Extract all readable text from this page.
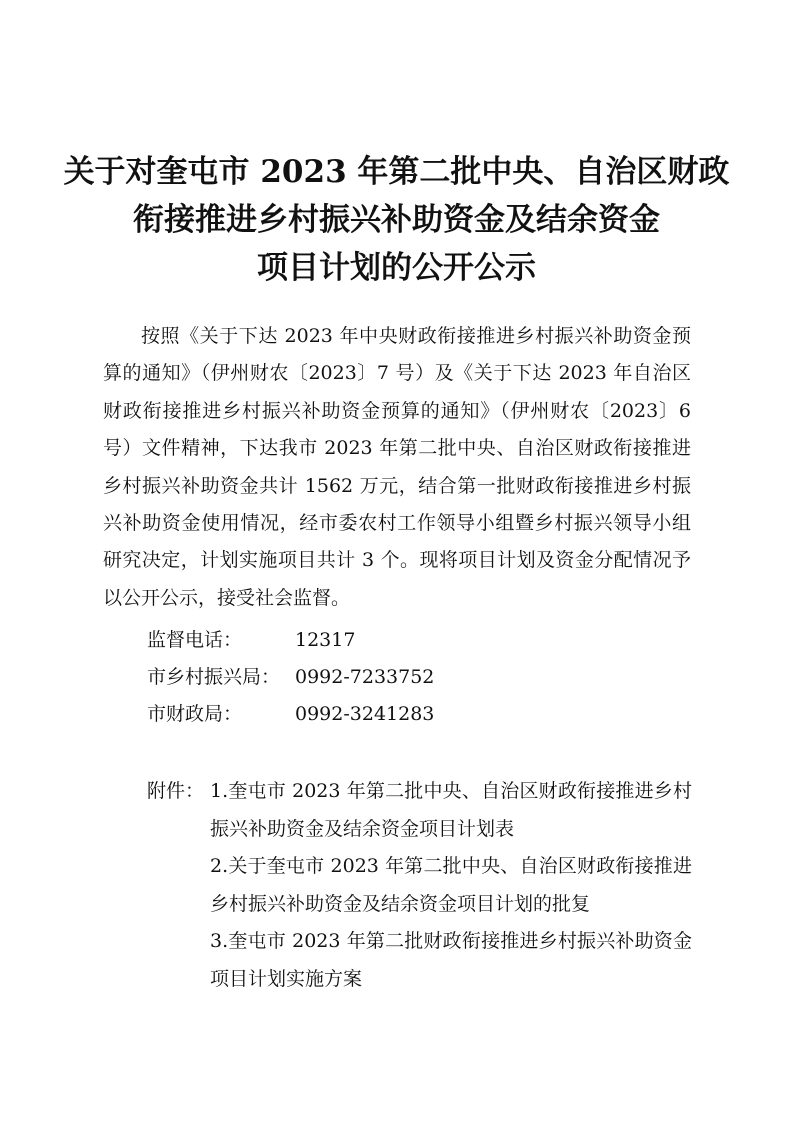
关于对奎屯市 2023 年第二批中央、自治区财政
衔接推进乡村振兴补助资金及结余资金
项目计划的公开公示

按照《关于下达 2023 年中央财政衔接推进乡村振兴补助资金预算的通知》（伊州财农〔2023〕7 号）及《关于下达 2023 年自治区财政衔接推进乡村振兴补助资金预算的通知》（伊州财农〔2023〕6 号）文件精神，下达我市 2023 年第二批中央、自治区财政衔接推进乡村振兴补助资金共计 1562 万元，结合第一批财政衔接推进乡村振兴补助资金使用情况，经市委农村工作领导小组暨乡村振兴领导小组研究决定，计划实施项目共计 3 个。现将项目计划及资金分配情况予以公开公示，接受社会监督。

监督电话：	12317
市乡村振兴局： 0992-7233752
市财政局：	0992-3241283
附件： 1.奎屯市 2023 年第二批中央、自治区财政衔接推进乡村振兴补助资金及结余资金项目计划表

2.关于奎屯市 2023 年第二批中央、自治区财政衔接推进乡村振兴补助资金及结余资金项目计划的批复

3.奎屯市 2023 年第二批财政衔接推进乡村振兴补助资金项目计划实施方案
